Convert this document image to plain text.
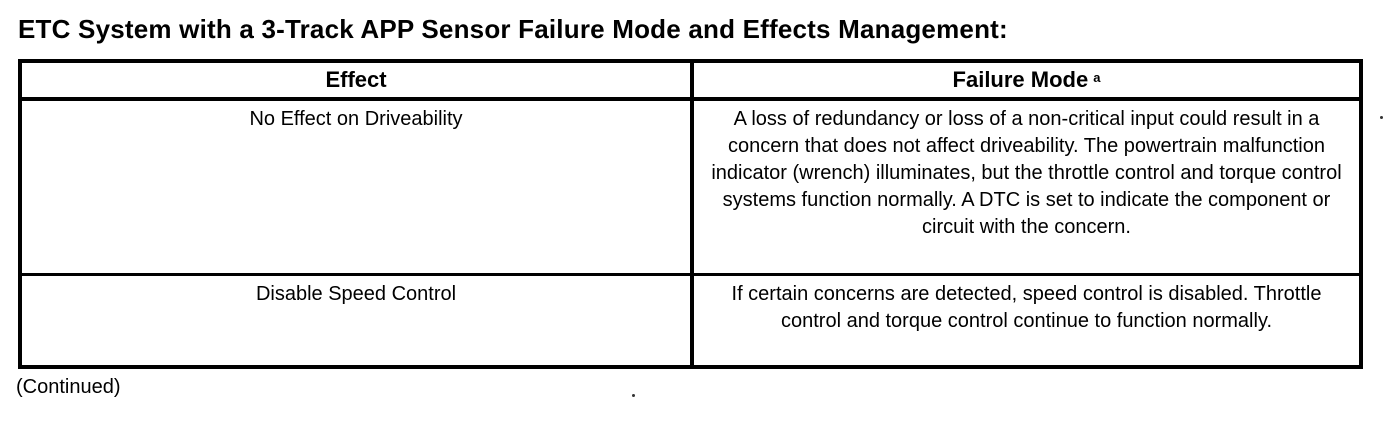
ETC System with a 3-Track APP Sensor Failure Mode and Effects Management:
Effect	Failure Mode $^a$
No Effect on Driveability	A loss of redundancy or loss of a non-critical input could result in a concern that does not affect driveability. The powertrain malfunction indicator (wrench) illuminates, but the throttle control and torque control systems function normally. A DTC is set to indicate the component or circuit with the concern.
Disable Speed Control	If certain concerns are detected, speed control is disabled. Throttle control and torque control continue to function normally.
(Continued)
